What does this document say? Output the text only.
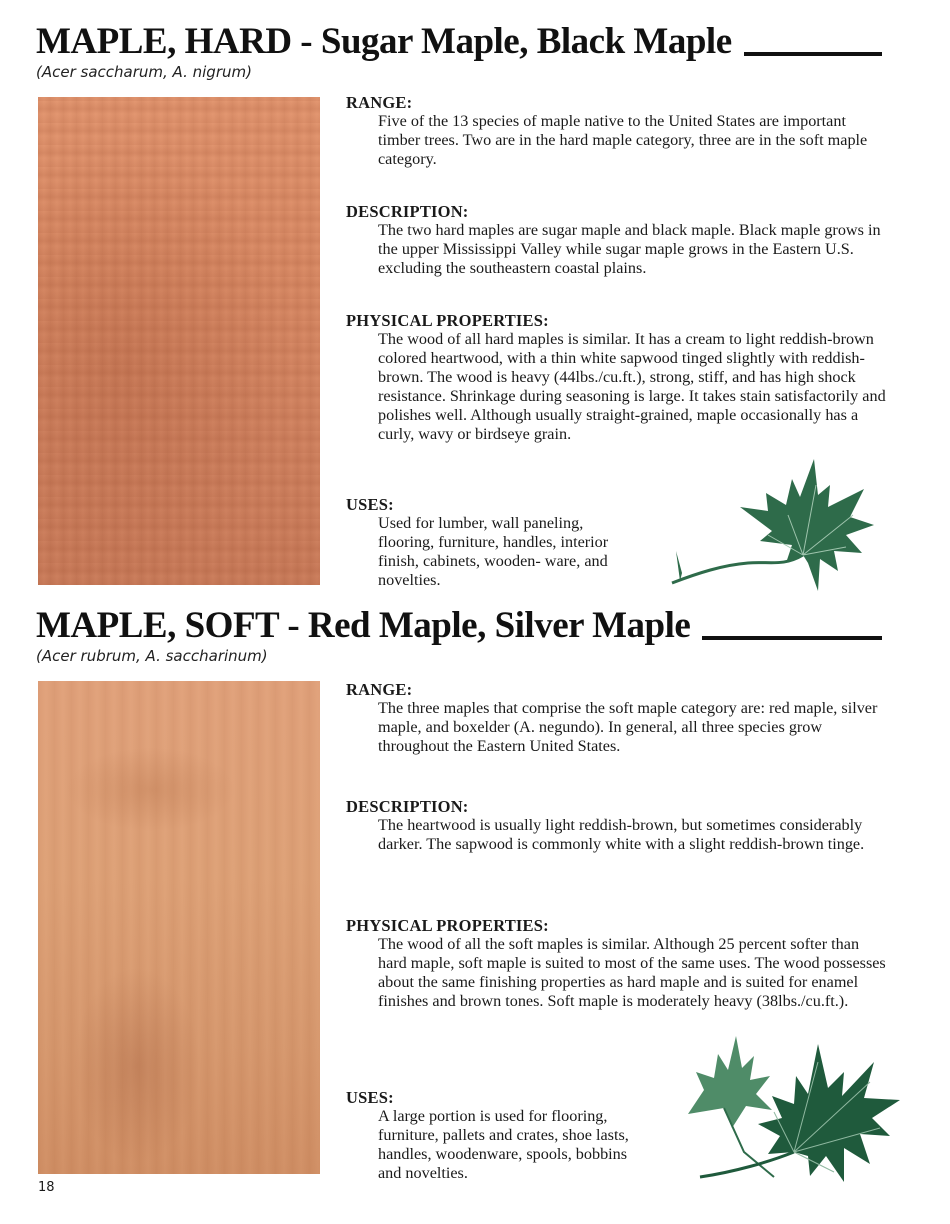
MAPLE, HARD - Sugar Maple, Black Maple
(Acer saccharum, A. nigrum)
RANGE:
Five of the 13 species of maple native to the United States are important timber trees. Two are in the hard maple category, three are in the soft maple category.
DESCRIPTION:
The two hard maples are sugar maple and black maple. Black maple grows in the upper Mississippi Valley while sugar maple grows in the Eastern U.S. excluding the southeastern coastal plains.
PHYSICAL PROPERTIES:
The wood of all hard maples is similar. It has a cream to light reddish-brown colored heartwood, with a thin white sapwood tinged slightly with reddish-brown. The wood is heavy (44lbs./cu.ft.), strong, stiff, and has high shock resistance. Shrinkage during seasoning is large. It takes stain satisfactorily and polishes well. Although usually straight-grained, maple occasionally has a curly, wavy or birdseye grain.
USES:
Used for lumber, wall paneling, flooring, furniture, handles, interior finish, cabinets, wooden- ware, and novelties.
MAPLE, SOFT - Red Maple, Silver Maple
(Acer rubrum, A. saccharinum)
RANGE:
The three maples that comprise the soft maple category are: red maple, silver maple, and boxelder (A. negundo). In general, all three species grow throughout the Eastern United States.
DESCRIPTION:
The heartwood is usually light reddish-brown, but sometimes considerably darker. The sapwood is commonly white with a slight reddish-brown tinge.
PHYSICAL PROPERTIES:
The wood of all the soft maples is similar. Although 25 percent softer than hard maple, soft maple is suited to most of the same uses. The wood possesses about the same finishing properties as hard maple and is suited for enamel finishes and brown tones. Soft maple is moderately heavy (38lbs./cu.ft.).
USES:
A large portion is used for flooring, furniture, pallets and crates, shoe lasts, handles, woodenware, spools, bobbins and novelties.
18
